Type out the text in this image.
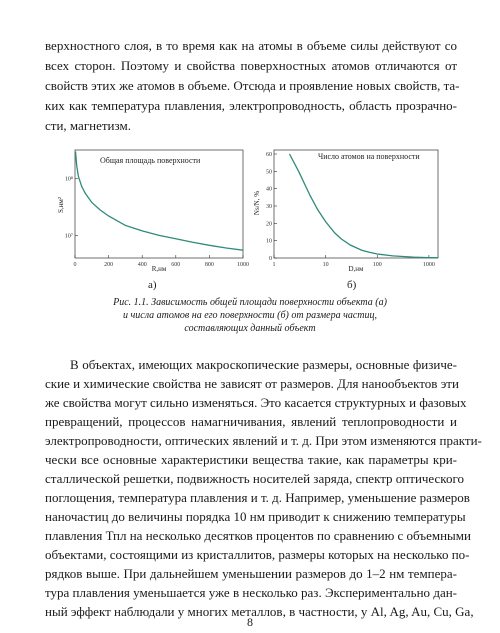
верхностного слоя, в то время как на атомы в объеме силы действуют со
всех сторон. Поэтому и свойства поверхностных атомов отличаются от
свойств этих же атомов в объеме. Отсюда и проявление новых свойств, та-
ких как температура плавления, электропроводность, область прозрачно-
сти, магнетизм.
Общая площадь поверхности
S,нм²
R,нм
0	200	400	600	800	1000
10⁸
10⁷
а)
Число атомов на поверхности
Ns/N, %
D,нм
1	10	100	1000
0
10
20
30
40
50
60
б)
Рис. 1.1. Зависимость общей площади поверхности объекта (а)
и числа атомов на его поверхности (б) от размера частиц,
составляющих данный объект
В объектах, имеющих макроскопические размеры, основные физиче-
ские и химические свойства не зависят от размеров. Для нанообъектов эти
же свойства могут сильно изменяться. Это касается структурных и фазовых
превращений, процессов намагничивания, явлений теплопроводности и
электропроводности, оптических явлений и т. д. При этом изменяются практи-
чески все основные характеристики вещества такие, как параметры кри-
сталлической решетки, подвижность носителей заряда, спектр оптического
поглощения, температура плавления и т. д. Например, уменьшение размеров
наночастиц до величины порядка 10 нм приводит к снижению температуры
плавления Тпл на несколько десятков процентов по сравнению с объемными
объектами, состоящими из кристаллитов, размеры которых на несколько по-
рядков выше. При дальнейшем уменьшении размеров до 1–2 нм темпера-
тура плавления уменьшается уже в несколько раз. Экспериментально дан-
ный эффект наблюдали у многих металлов, в частности, у Al, Ag, Au, Cu, Ga,
8
